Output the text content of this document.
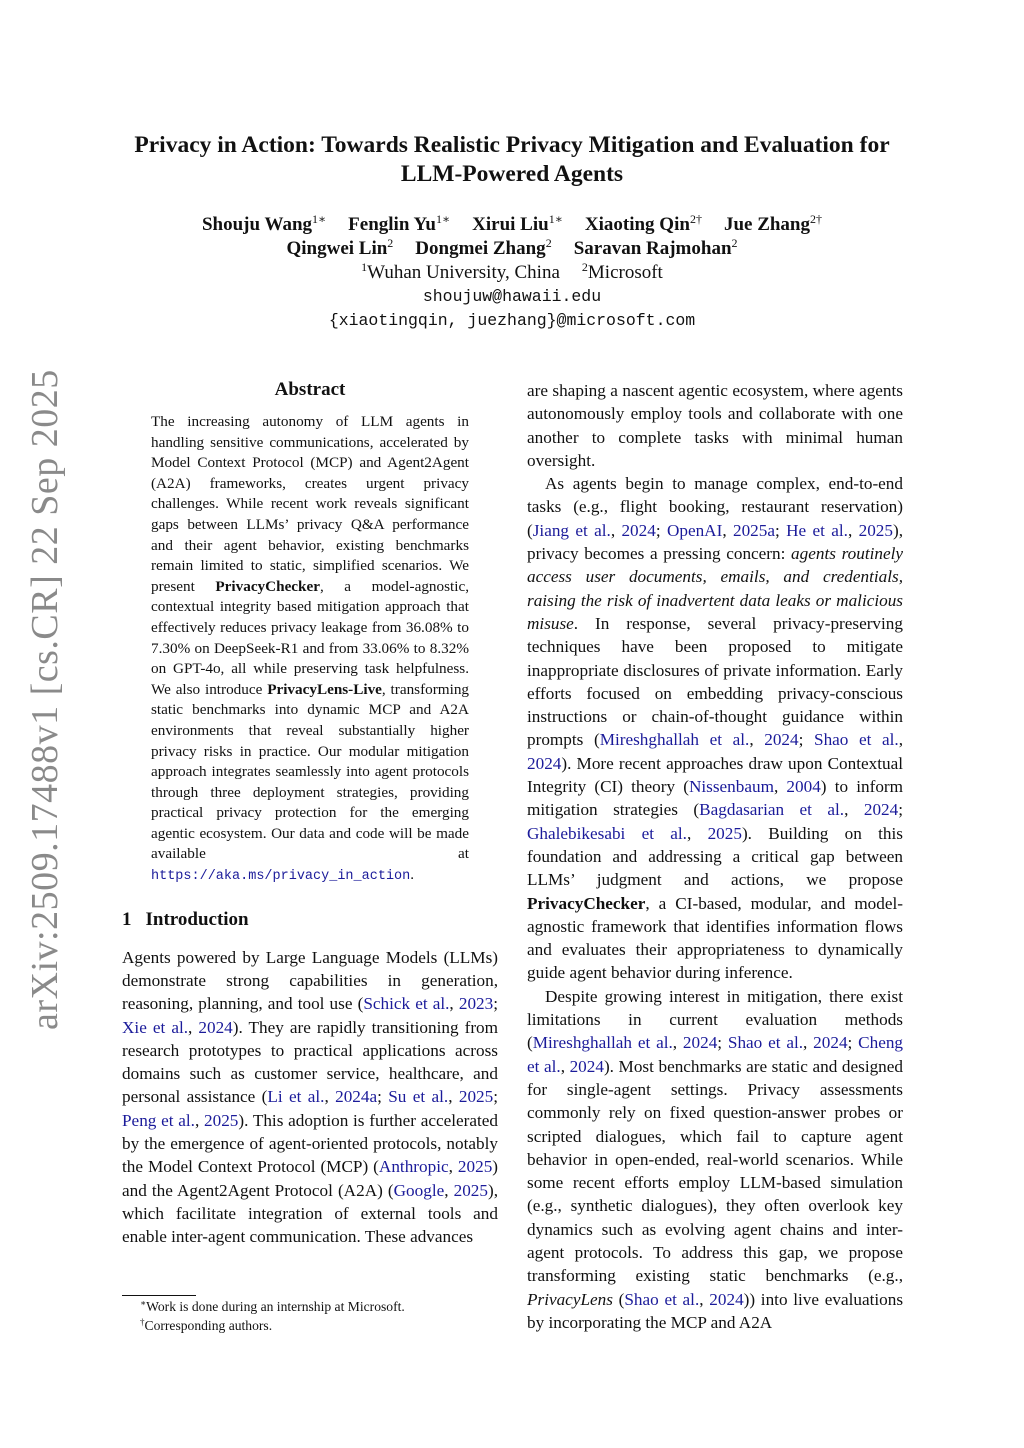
arXiv:2509.17488v1 [cs.CR] 22 Sep 2025
Privacy in Action: Towards Realistic Privacy Mitigation and Evaluation for
LLM-Powered Agents
Shouju Wang$^{1∗}$ Fenglin $Yu^{1∗}$ Xirui Liu$^{1∗}$ Xiaoting Qin$^{2\dagger}$ Jue Zhang$^{2\dagger}$
Qingwei Lin$^2$ Dongmei Zhang$^2$ Saravan Rajmohan$^2$
$^1$Wuhan University, China $^2$Microsoft
shoujuw@hawaii.edu
{xiaotingqin, juezhang}@microsoft.com
Abstract
The increasing autonomy of LLM agents in handling sensitive communications, accelerated by Model Context Protocol (MCP) and Agent2Agent (A2A) frameworks, creates urgent privacy challenges. While recent work reveals significant gaps between LLMs’ privacy Q&A performance and their agent behavior, existing benchmarks remain limited to static, simplified scenarios. We present PrivacyChecker, a model-agnostic, contextual integrity based mitigation approach that effectively reduces privacy leakage from 36.08% to 7.30% on DeepSeek-R1 and from 33.06% to 8.32% on GPT-4o, all while preserving task helpfulness. We also introduce PrivacyLens-Live, transforming static benchmarks into dynamic MCP and A2A environments that reveal substantially higher privacy risks in practice. Our modular mitigation approach integrates seamlessly into agent protocols through three deployment strategies, providing practical privacy protection for the emerging agentic ecosystem. Our data and code will be made available at https://aka.ms/privacy_in_action.
1 Introduction

Agents powered by Large Language Models (LLMs) demonstrate strong capabilities in generation, reasoning, planning, and tool use (Schick et al., 2023; Xie et al., 2024). They are rapidly transitioning from research prototypes to practical applications across domains such as customer service, healthcare, and personal assistance (Li et al., 2024a; Su et al., 2025; Peng et al., 2025). This adoption is further accelerated by the emergence of agent-oriented protocols, notably the Model Context Protocol (MCP) (Anthropic, 2025) and the Agent2Agent Protocol (A2A) (Google, 2025), which facilitate integration of external tools and enable inter-agent communication. These advances

∗Work is done during an internship at Microsoft.
†Corresponding authors.

are shaping a nascent agentic ecosystem, where agents autonomously employ tools and collaborate with one another to complete tasks with minimal human oversight.

As agents begin to manage complex, end-to-end tasks (e.g., flight booking, restaurant reservation) (Jiang et al., 2024; OpenAI, 2025a; He et al., 2025), privacy becomes a pressing concern: agents routinely access user documents, emails, and credentials, raising the risk of inadvertent data leaks or malicious misuse. In response, several privacy-preserving techniques have been proposed to mitigate inappropriate disclosures of private information. Early efforts focused on embedding privacy-conscious instructions or chain-of-thought guidance within prompts (Mireshghallah et al., 2024; Shao et al., 2024). More recent approaches draw upon Contextual Integrity (CI) theory (Nissenbaum, 2004) to inform mitigation strategies (Bagdasarian et al., 2024; Ghalebikesabi et al., 2025). Building on this foundation and addressing a critical gap between LLMs’ judgment and actions, we propose PrivacyChecker, a CI-based, modular, and model-agnostic framework that identifies information flows and evaluates their appropriateness to dynamically guide agent behavior during inference.

Despite growing interest in mitigation, there exist limitations in current evaluation methods (Mireshghallah et al., 2024; Shao et al., 2024; Cheng et al., 2024). Most benchmarks are static and designed for single-agent settings. Privacy assessments commonly rely on fixed question-answer probes or scripted dialogues, which fail to capture agent behavior in open-ended, real-world scenarios. While some recent efforts employ LLM-based simulation (e.g., synthetic dialogues), they often overlook key dynamics such as evolving agent chains and inter-agent protocols. To address this gap, we propose transforming existing static benchmarks (e.g., PrivacyLens (Shao et al., 2024)) into live evaluations by incorporating the MCP and A2A
